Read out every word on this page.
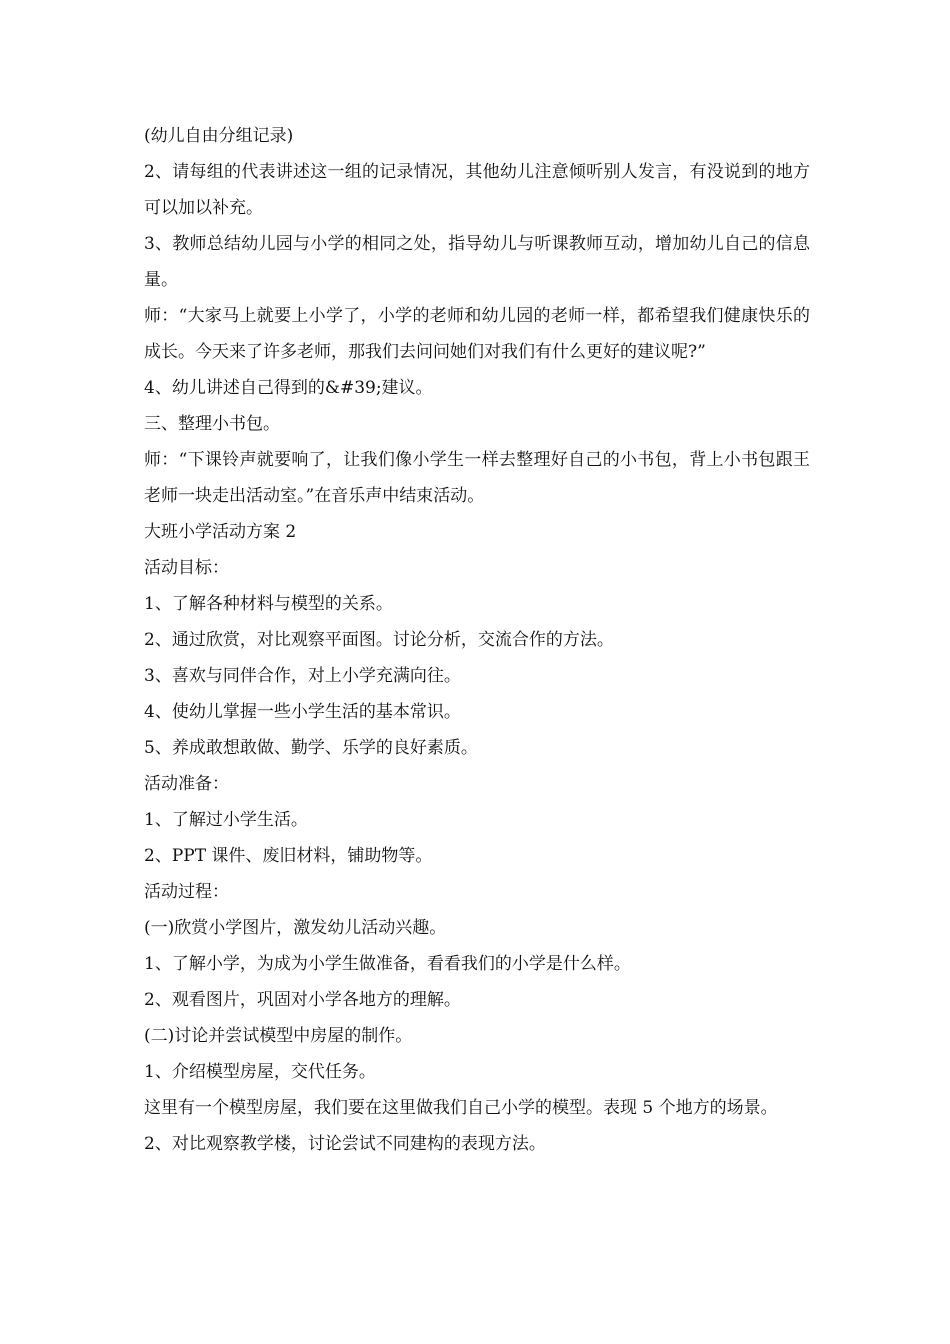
(幼儿自由分组记录)

2、请每组的代表讲述这一组的记录情况，其他幼儿注意倾听别人发言，有没说到的地方可以加以补充。

3、教师总结幼儿园与小学的相同之处，指导幼儿与听课教师互动，增加幼儿自己的信息量。

师：“大家马上就要上小学了，小学的老师和幼儿园的老师一样，都希望我们健康快乐的成长。今天来了许多老师，那我们去问问她们对我们有什么更好的建议呢?”

4、幼儿讲述自己得到的&#39;建议。

三、整理小书包。

师：“下课铃声就要响了，让我们像小学生一样去整理好自己的小书包，背上小书包跟王老师一块走出活动室。”在音乐声中结束活动。

大班小学活动方案 2

活动目标：

1、了解各种材料与模型的关系。

2、通过欣赏，对比观察平面图。讨论分析，交流合作的方法。

3、喜欢与同伴合作，对上小学充满向往。

4、使幼儿掌握一些小学生活的基本常识。

5、养成敢想敢做、勤学、乐学的良好素质。

活动准备：

1、了解过小学生活。

2、PPT 课件、废旧材料，铺助物等。

活动过程：

(一)欣赏小学图片，激发幼儿活动兴趣。

1、了解小学，为成为小学生做准备，看看我们的小学是什么样。

2、观看图片，巩固对小学各地方的理解。

(二)讨论并尝试模型中房屋的制作。

1、介绍模型房屋，交代任务。

这里有一个模型房屋，我们要在这里做我们自己小学的模型。表现 5 个地方的场景。

2、对比观察教学楼，讨论尝试不同建构的表现方法。
